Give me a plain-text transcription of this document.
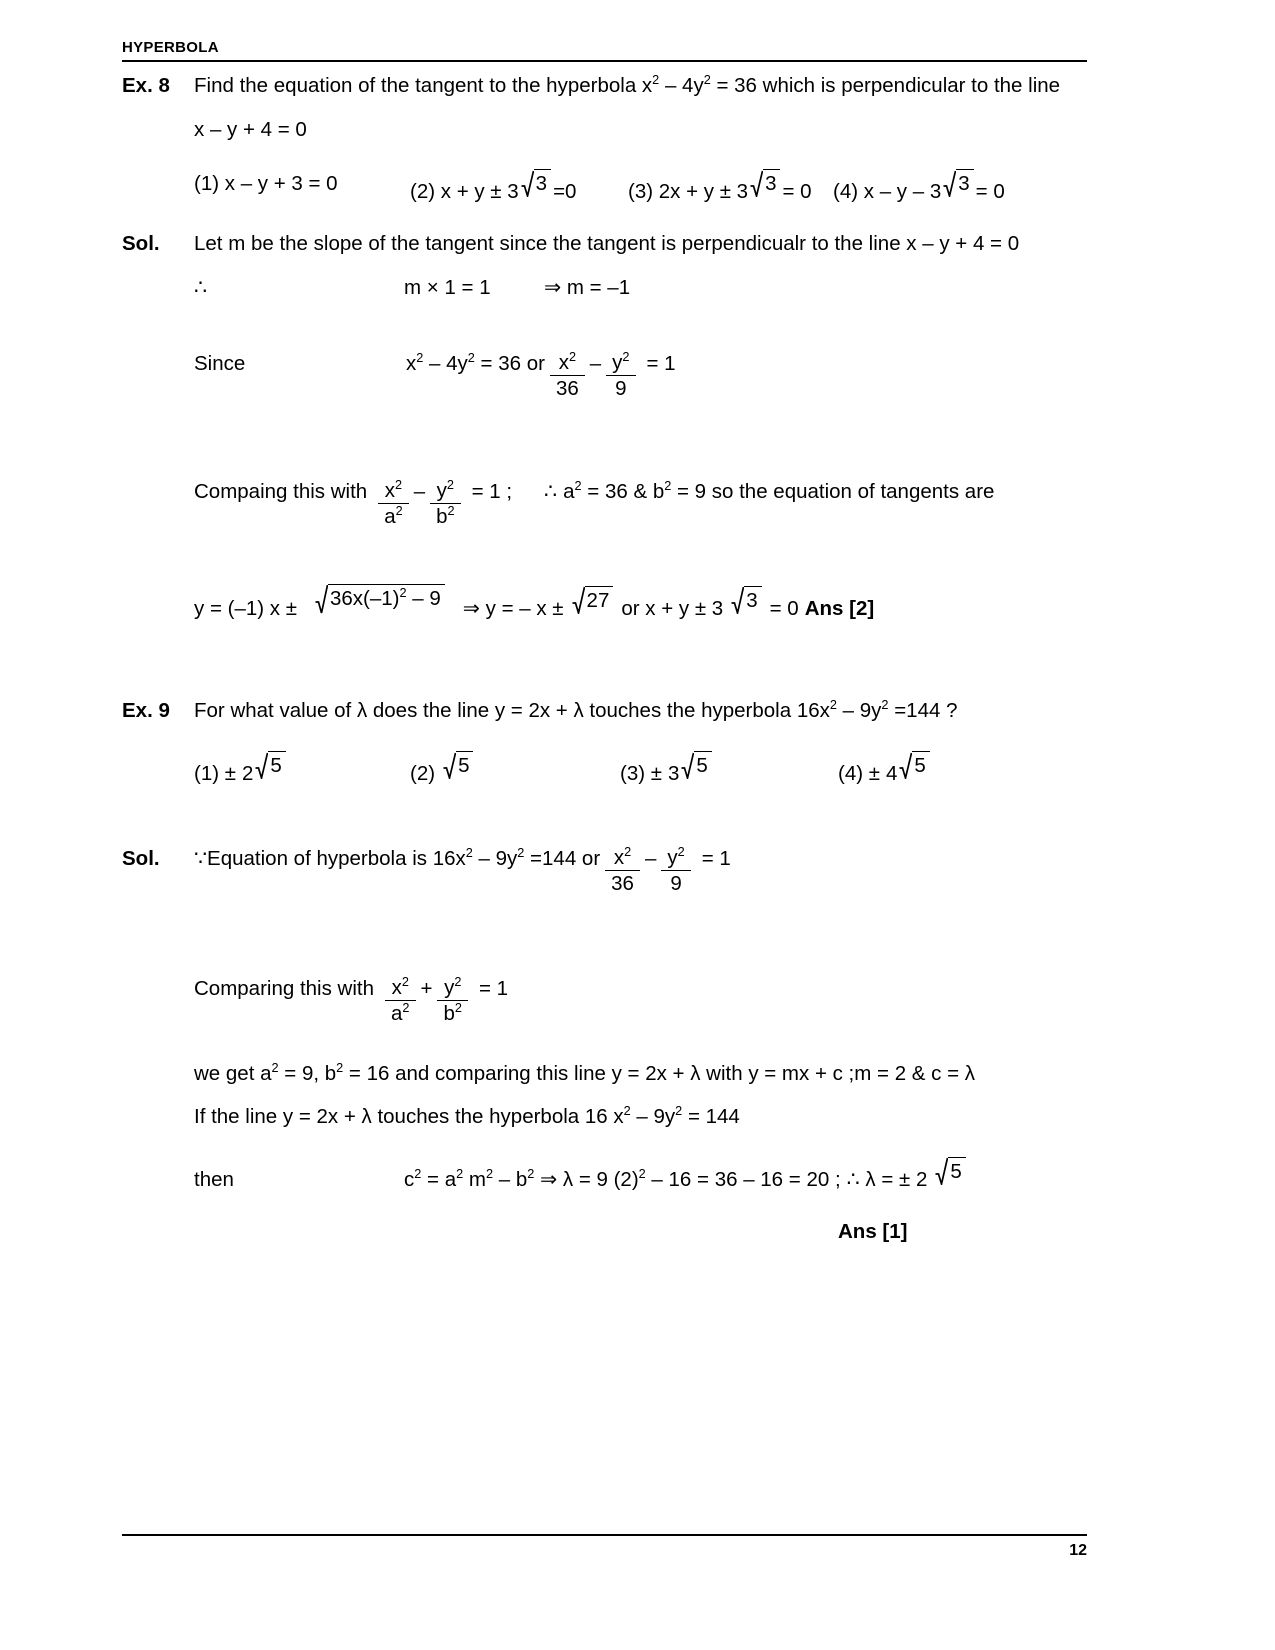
HYPERBOLA
Ex. 8	Find the equation of the tangent to the hyperbola $x^2 - 4y^2 = 36$ which is perpendicular to the line
x – y + 4 = 0
(1) x – y + 3 = 0	(2) x + y ± 3 3 =0	(3) 2x + y ± 3 3 = 0 (4) x – y – 3 3 = 0
Sol.	Let m be the slope of the tangent since the tangent is perpendicualr to the line x – y + 4 = 0
∴	m × 1 = 1	⇒ m = –1
Since	$x^2 - 4y^2 = 36$ or $\frac{x^2}{36} - \frac{y^2}{9} = 1$
Compaing this with $\frac{x^2}{a^2} - \frac{y^2}{b^2} = 1$ ; ∴ $a^2 = 36$ & $b^2 = 9$ so the equation of tangents are
y = (–1) $x \pm 36x(-1)^2 - 9$ ⇒ y = – x ± 27 or x + y ± 3 3 = 0 Ans [2]
Ex. 9	For what value of λ does the line y = 2x + λ touches the hyperbola $16x^2 - 9y^2 =144$ ?
(1) ± 2 5	(2) 5	(3) ± 3 5	(4) ± 4 5
Sol.	∵ Equation of hyperbola is $16x^2 - 9y^2 =144$ or $\frac{x^2}{36} - \frac{y^2}{9} = 1$
Comparing this with $\frac{x^2}{a^2} + \frac{y^2}{b^2} = 1$
we get $a^2 = 9$, $b^2 = 16$ and comparing this line y = 2x + λ with y = mx + c ;m = 2 & c = λ
If the line y = 2x + λ touches the hyperbola 16 $x^2 - 9y^2 = 144$
then	$c^2 = a^2$ $m^2 - b^2$ ⇒ λ = 9 $(2)^2 - 16 = 36 - 16 = 20$ ; ∴ λ = ± 2 5
Ans [1]
12
